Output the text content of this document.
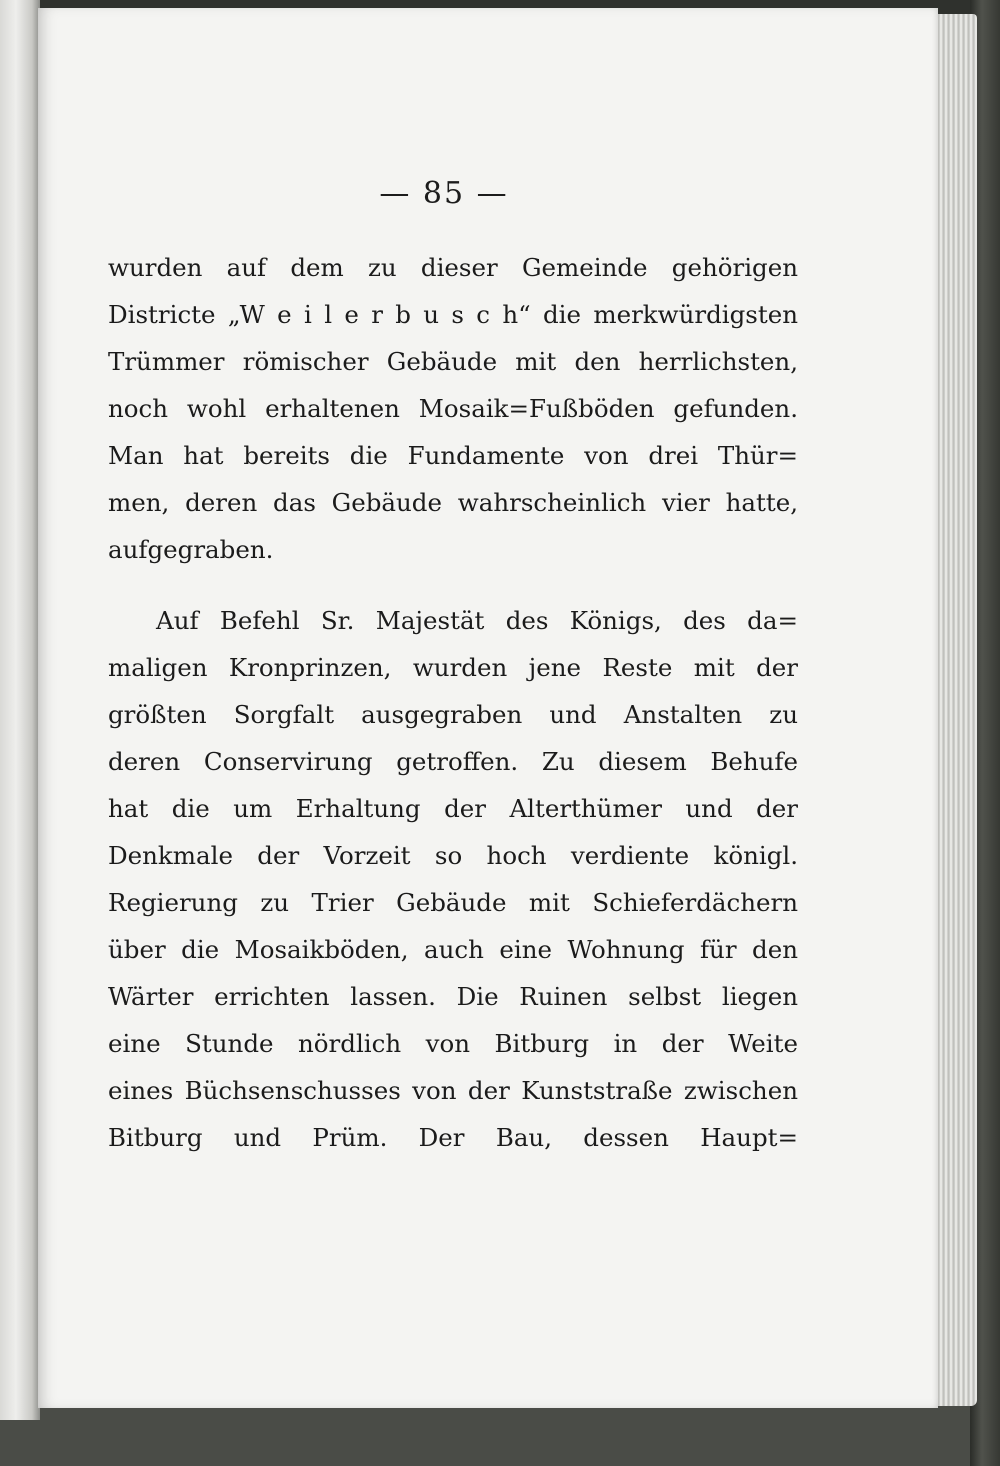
— 85 —
wurden auf dem zu dieser Gemeinde gehörigen
Districte „W e i l e r b u s c h“ die merkwürdigsten
Trümmer römischer Gebäude mit den herrlichsten,
noch wohl erhaltenen Mosaik=Fußböden gefunden.
Man hat bereits die Fundamente von drei Thür=
men, deren das Gebäude wahrscheinlich vier hatte,
aufgegraben.
Auf Befehl Sr. Majestät des Königs, des da=
maligen Kronprinzen, wurden jene Reste mit der
größten Sorgfalt ausgegraben und Anstalten zu
deren Conservirung getroffen. Zu diesem Behufe
hat die um Erhaltung der Alterthümer und der
Denkmale der Vorzeit so hoch verdiente königl.
Regierung zu Trier Gebäude mit Schieferdächern
über die Mosaikböden, auch eine Wohnung für den
Wärter errichten lassen. Die Ruinen selbst liegen
eine Stunde nördlich von Bitburg in der Weite
eines Büchsenschusses von der Kunststraße zwischen
Bitburg und Prüm. Der Bau, dessen Haupt=
